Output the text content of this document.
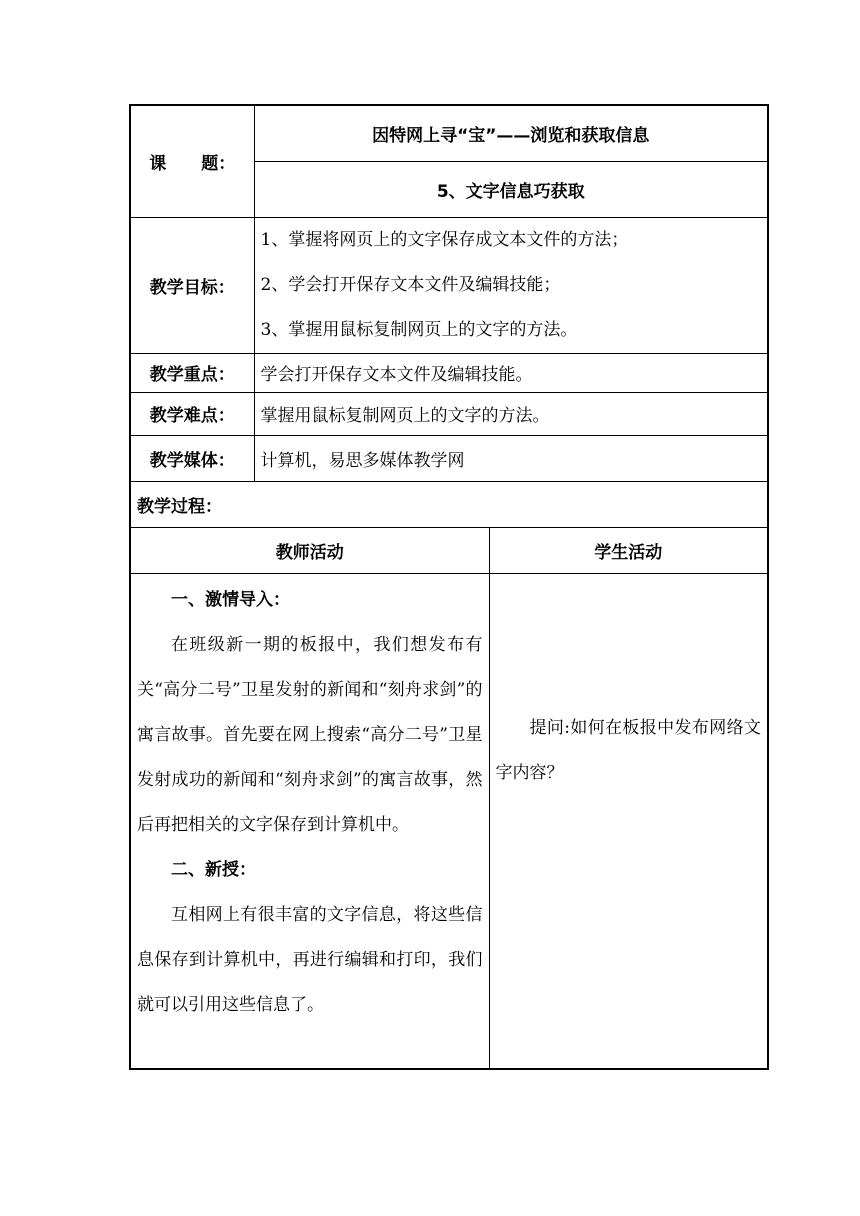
课 题：	因特网上寻“宝”——浏览和获取信息	
	5、文字信息巧获取	
教学目标：	1、掌握将网页上的文字保存成文本文件的方法；
2、学会打开保存文本文件及编辑技能；
3、掌握用鼠标复制网页上的文字的方法。	

教学重点：	学会打开保存文本文件及编辑技能。	
教学难点：	掌握用鼠标复制网页上的文字的方法。	
教学媒体：	计算机，易思多媒体教学网	
教学过程：		
教师活动		学生活动

一、激情导入：

在班级新一期的板报中，我们想发布有关“高分二号”卫星发射的新闻和“刻舟求剑”的寓言故事。首先要在网上搜索“高分二号”卫星发射成功的新闻和“刻舟求剑”的寓言故事，然后再把相关的文字保存到计算机中。

二、新授：

互相网上有很丰富的文字信息，将这些信息保存到计算机中，再进行编辑和打印，我们就可以引用这些信息了。		提问:如何在板报中发布网络文字内容？
